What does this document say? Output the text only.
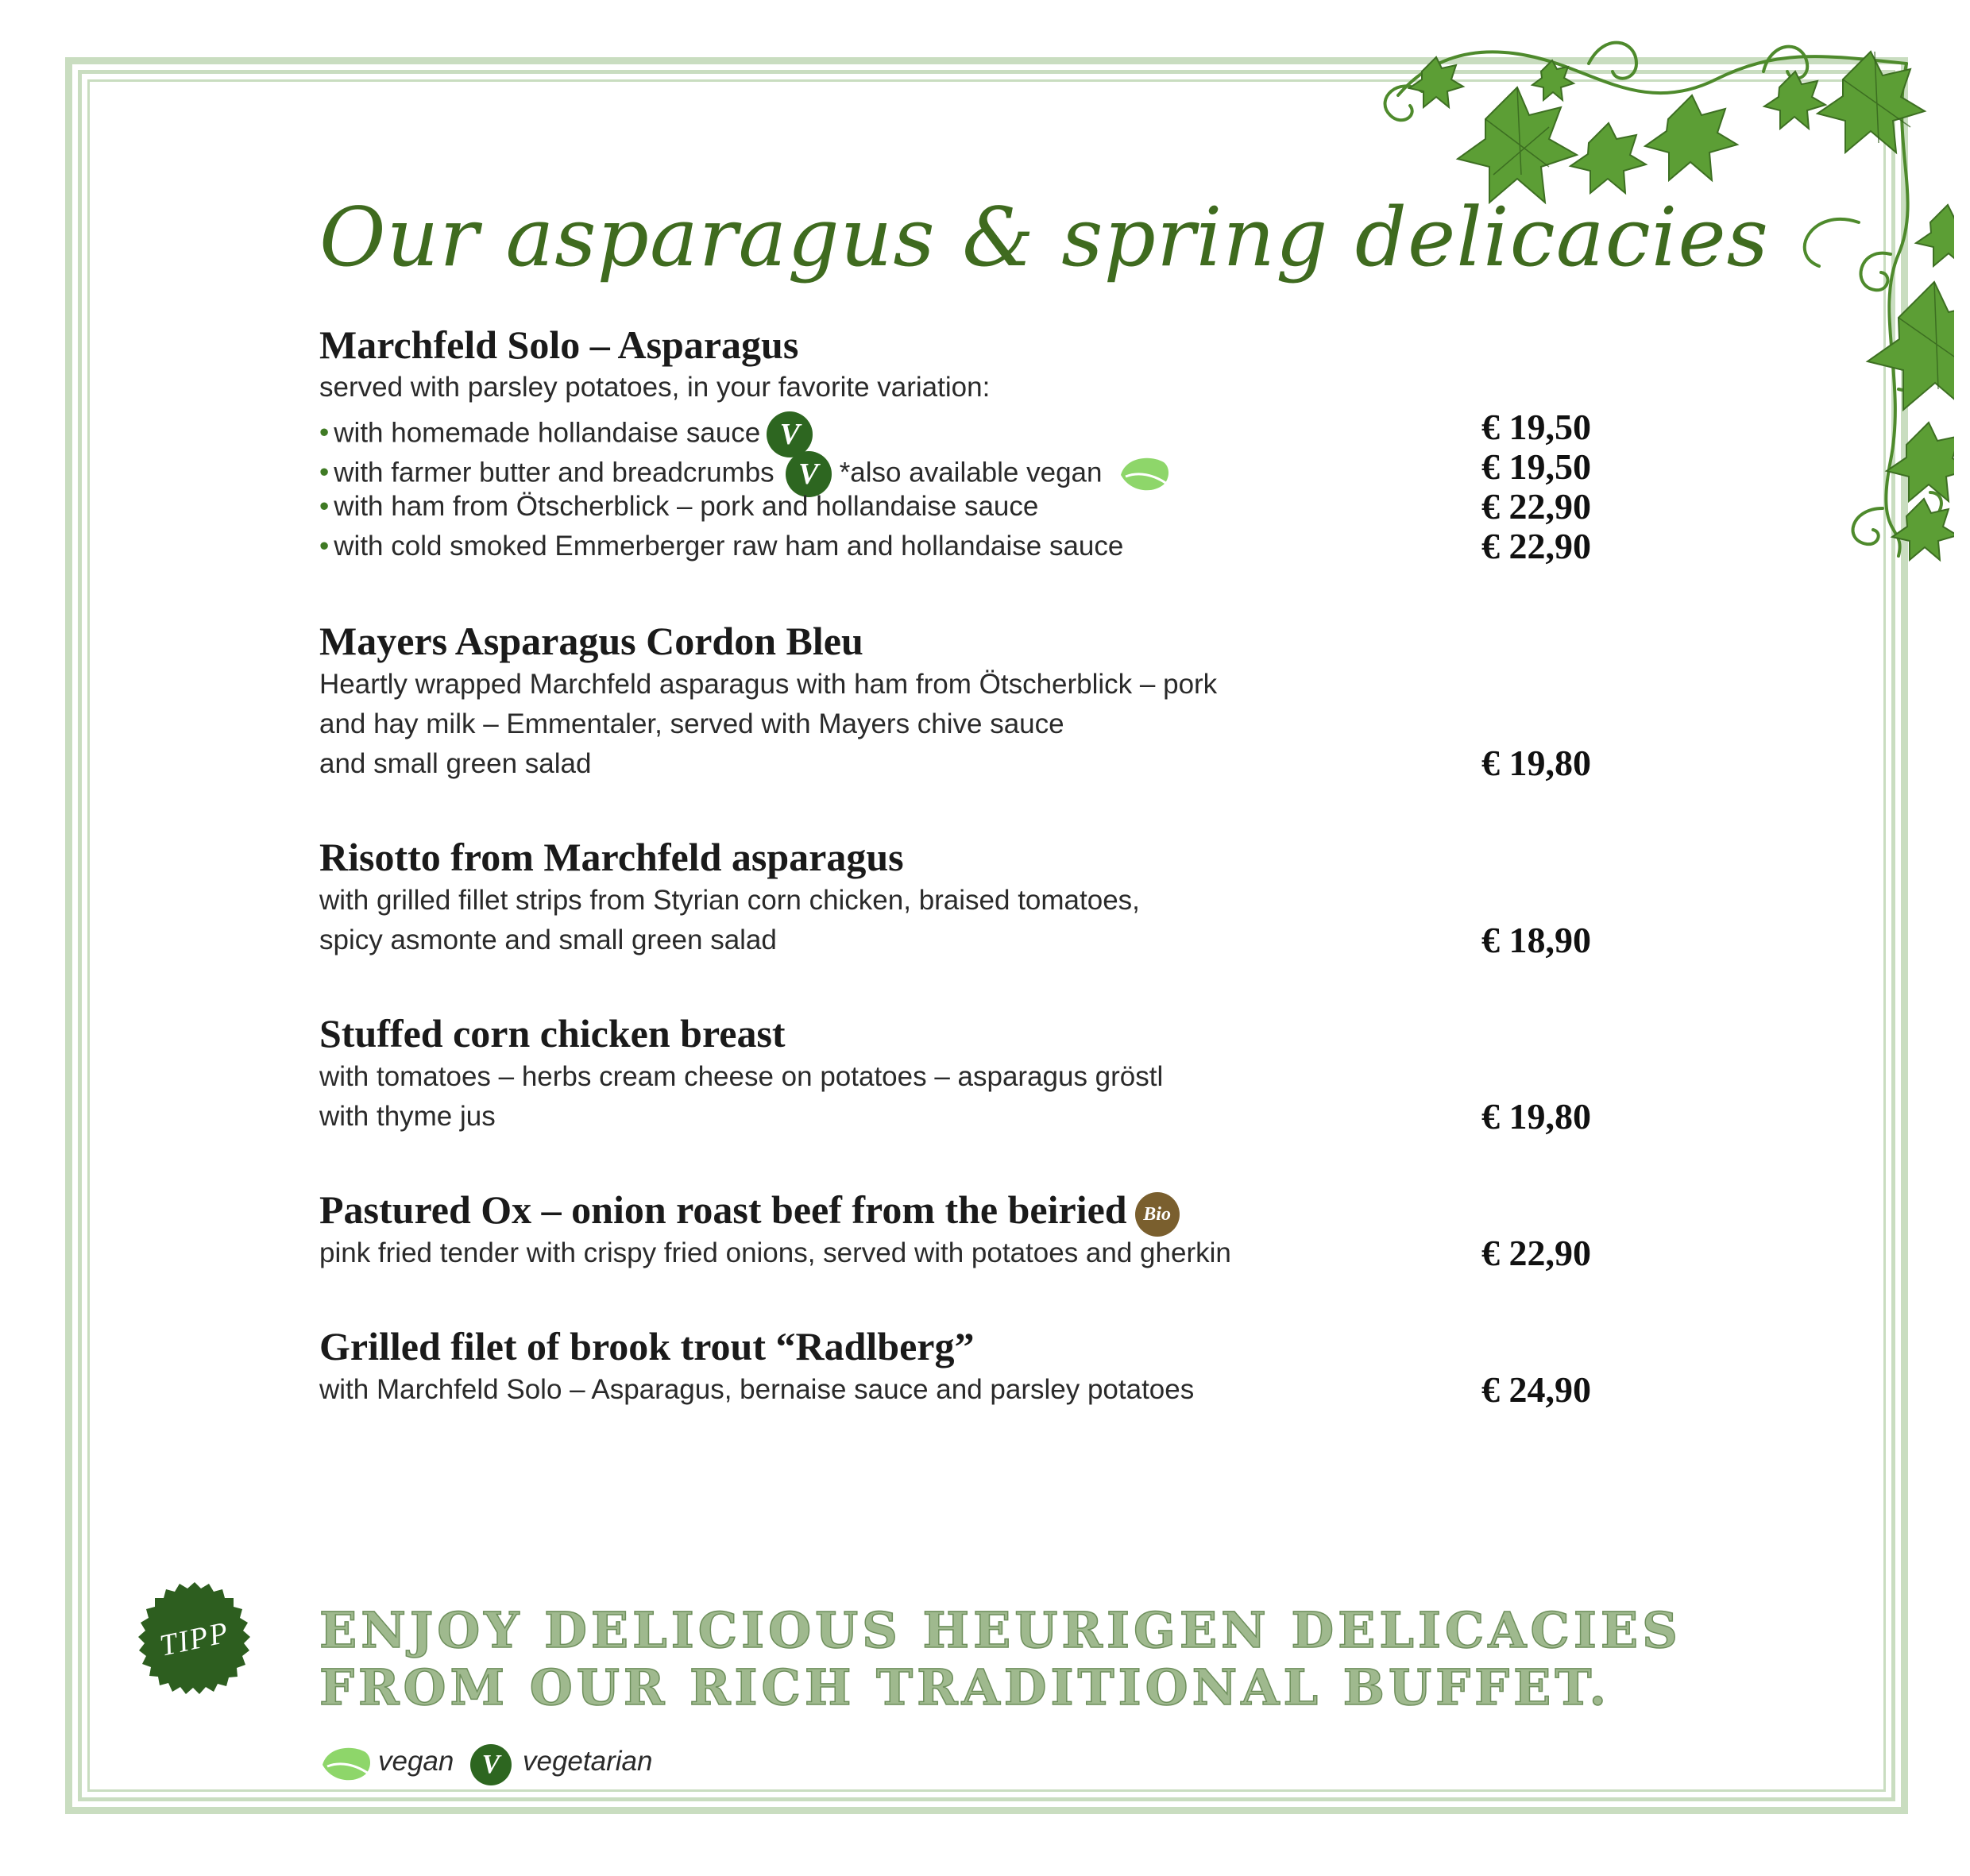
Our asparagus & spring delicacies
Marchfeld Solo – Asparagus
served with parsley potatoes, in your favorite variation:
• with homemade hollandaise sauce V	€ 19,50
• with farmer butter and breadcrumbs V *also available vegan	€ 19,50
• with ham from Ötscherblick – pork and hollandaise sauce	€ 22,90
• with cold smoked Emmerberger raw ham and hollandaise sauce	€ 22,90
Mayers Asparagus Cordon Bleu
Heartly wrapped Marchfeld asparagus with ham from Ötscherblick – pork
and hay milk – Emmentaler, served with Mayers chive sauce
and small green salad	€ 19,80
Risotto from Marchfeld asparagus
with grilled fillet strips from Styrian corn chicken, braised tomatoes,
spicy asmonte and small green salad	€ 18,90
Stuffed corn chicken breast
with tomatoes – herbs cream cheese on potatoes – asparagus gröstl
with thyme jus	€ 19,80
Pastured Ox – onion roast beef from the beiried Bio
pink fried tender with crispy fried onions, served with potatoes and gherkin	€ 22,90
Grilled filet of brook trout “Radlberg”
with Marchfeld Solo – Asparagus, bernaise sauce and parsley potatoes	€ 24,90
TIPP	ENJOY DELICIOUS HEURIGEN DELICACIES
FROM OUR RICH TRADITIONAL BUFFET.
vegan	V vegetarian
